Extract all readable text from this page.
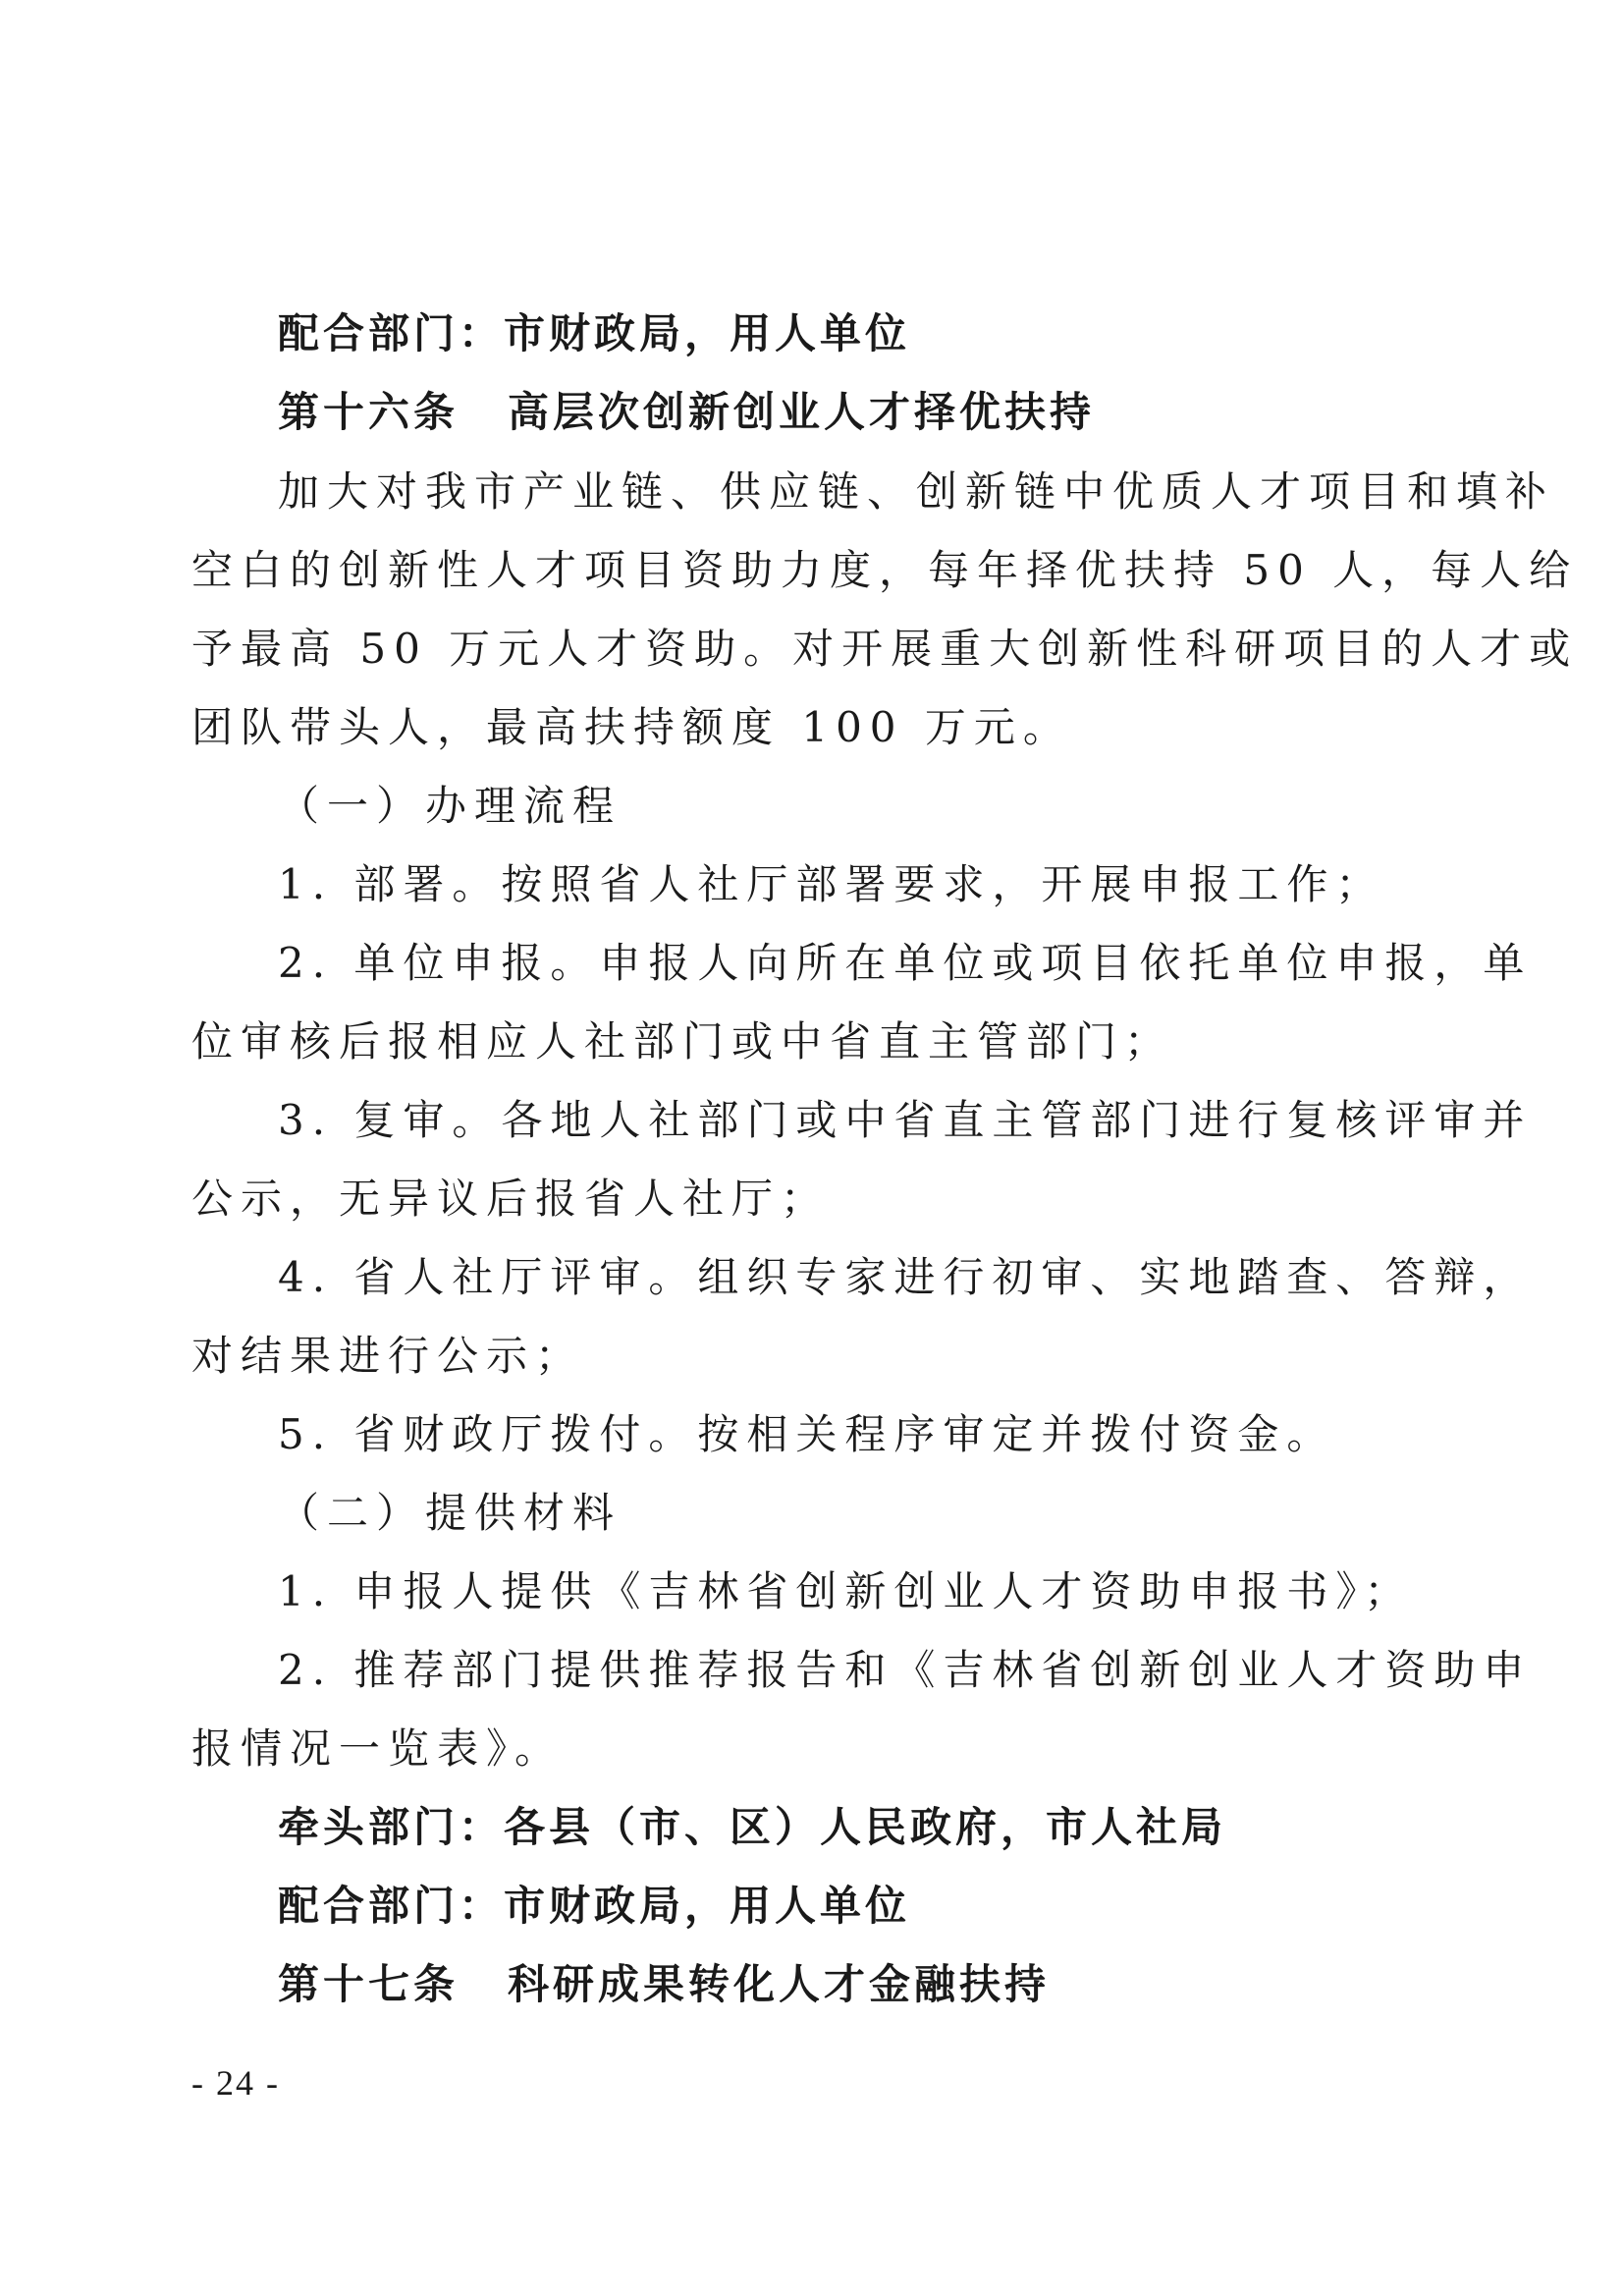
配合部门：市财政局，用人单位
第十六条 高层次创新创业人才择优扶持
加大对我市产业链、供应链、创新链中优质人才项目和填补
空白的创新性人才项目资助力度，每年择优扶持 50 人，每人给
予最高 50 万元人才资助。对开展重大创新性科研项目的人才或
团队带头人，最高扶持额度 100 万元。
（一）办理流程
1. 部署。按照省人社厅部署要求，开展申报工作；
2. 单位申报。申报人向所在单位或项目依托单位申报，单
位审核后报相应人社部门或中省直主管部门；
3. 复审。各地人社部门或中省直主管部门进行复核评审并
公示，无异议后报省人社厅；
4. 省人社厅评审。组织专家进行初审、实地踏查、答辩，
对结果进行公示；
5. 省财政厅拨付。按相关程序审定并拨付资金。
（二）提供材料
1. 申报人提供《吉林省创新创业人才资助申报书》；
2. 推荐部门提供推荐报告和《吉林省创新创业人才资助申
报情况一览表》。
牵头部门：各县（市、区）人民政府，市人社局
配合部门：市财政局，用人单位
第十七条 科研成果转化人才金融扶持
- 24 -
